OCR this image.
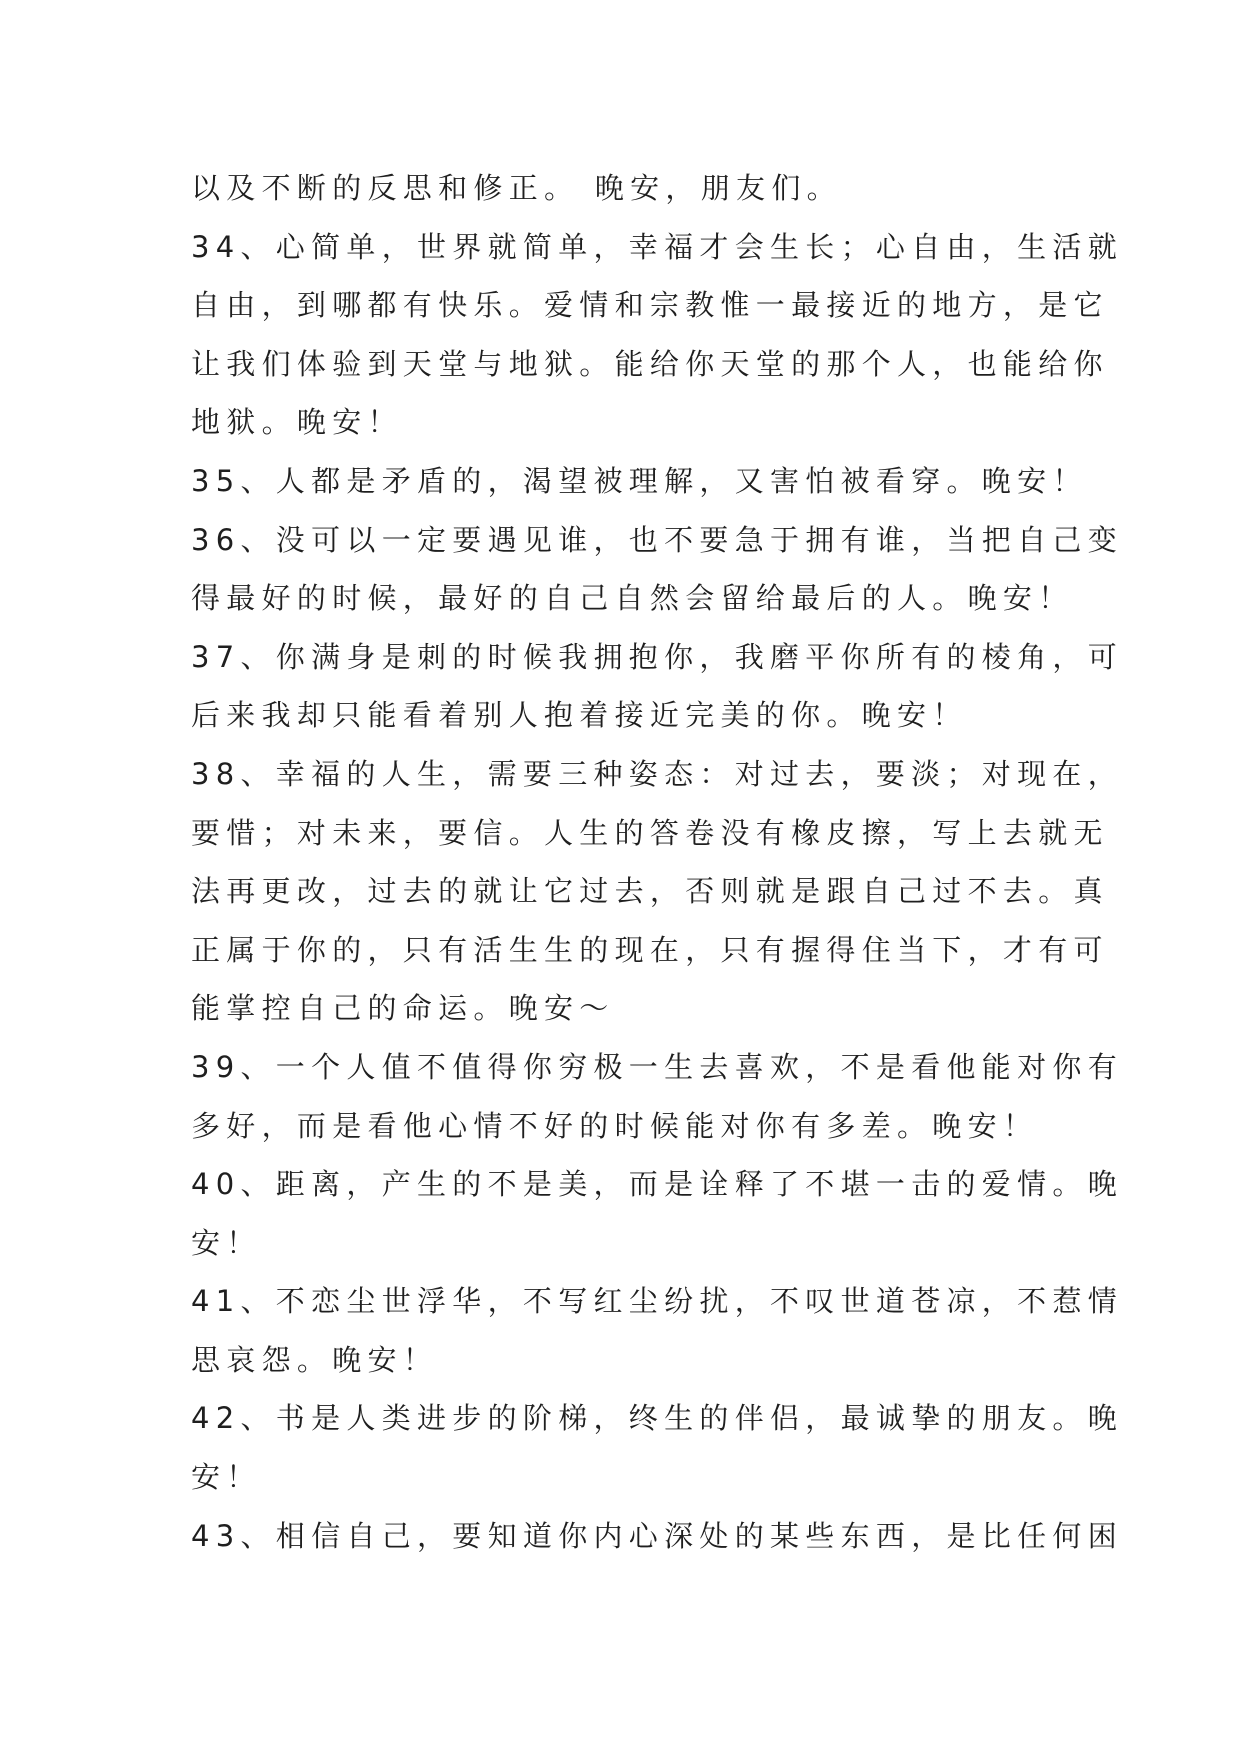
以及不断的反思和修正。 晚安，朋友们。
34、心简单，世界就简单，幸福才会生长；心自由，生活就
自由，到哪都有快乐。爱情和宗教惟一最接近的地方，是它
让我们体验到天堂与地狱。能给你天堂的那个人，也能给你
地狱。晚安！
35、人都是矛盾的，渴望被理解，又害怕被看穿。晚安！
36、没可以一定要遇见谁，也不要急于拥有谁，当把自己变
得最好的时候，最好的自己自然会留给最后的人。晚安！
37、你满身是刺的时候我拥抱你，我磨平你所有的棱角，可
后来我却只能看着别人抱着接近完美的你。晚安！
38、幸福的人生，需要三种姿态：对过去，要淡；对现在，
要惜；对未来，要信。人生的答卷没有橡皮擦，写上去就无
法再更改，过去的就让它过去，否则就是跟自己过不去。真
正属于你的，只有活生生的现在，只有握得住当下，才有可
能掌控自己的命运。晚安～
39、一个人值不值得你穷极一生去喜欢，不是看他能对你有
多好，而是看他心情不好的时候能对你有多差。晚安！
40、距离，产生的不是美，而是诠释了不堪一击的爱情。晚
安！
41、不恋尘世浮华，不写红尘纷扰，不叹世道苍凉，不惹情
思哀怨。晚安！
42、书是人类进步的阶梯，终生的伴侣，最诚挚的朋友。晚
安！
43、相信自己，要知道你内心深处的某些东西，是比任何困
